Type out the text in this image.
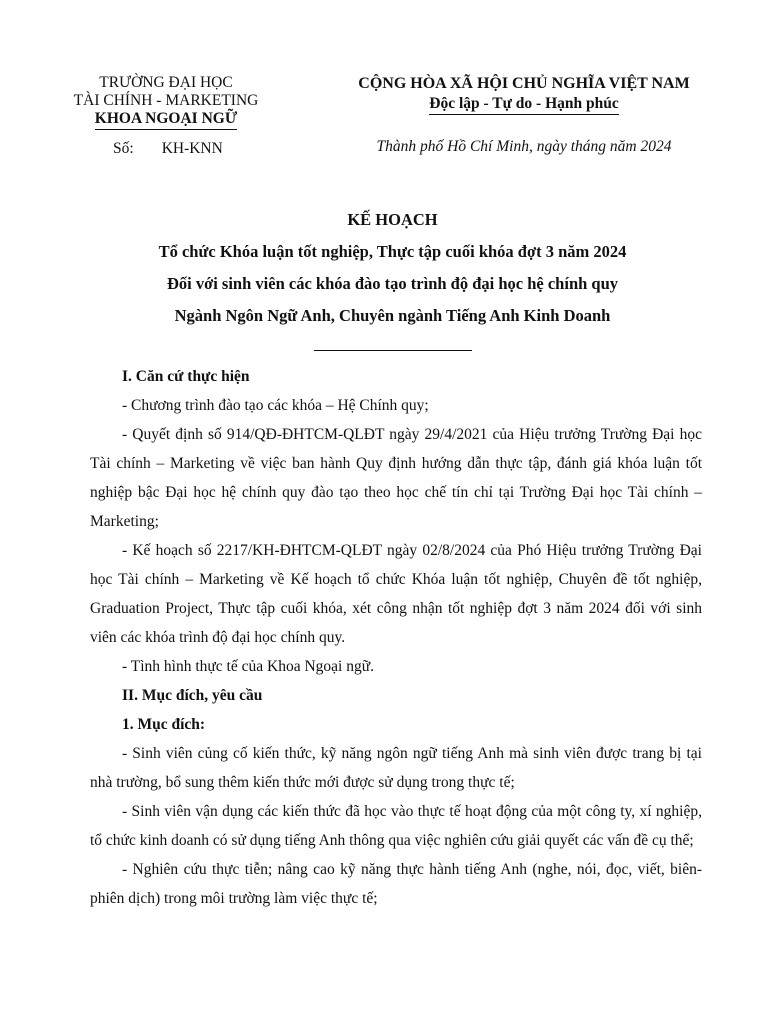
TRƯỜNG ĐẠI HỌC
TÀI CHÍNH - MARKETING
KHOA NGOẠI NGỮ
Số: KH-KNN
CỘNG HÒA XÃ HỘI CHỦ NGHĨA VIỆT NAM
Độc lập - Tự do - Hạnh phúc
Thành phố Hồ Chí Minh, ngày tháng năm 2024
KẾ HOẠCH
Tổ chức Khóa luận tốt nghiệp, Thực tập cuối khóa đợt 3 năm 2024
Đối với sinh viên các khóa đào tạo trình độ đại học hệ chính quy
Ngành Ngôn Ngữ Anh, Chuyên ngành Tiếng Anh Kinh Doanh

I. Căn cứ thực hiện

- Chương trình đào tạo các khóa – Hệ Chính quy;

- Quyết định số 914/QĐ-ĐHTCM-QLĐT ngày 29/4/2021 của Hiệu trưởng Trường Đại học Tài chính – Marketing về việc ban hành Quy định hướng dẫn thực tập, đánh giá khóa luận tốt nghiệp bậc Đại học hệ chính quy đào tạo theo học chế tín chỉ tại Trường Đại học Tài chính – Marketing;

- Kế hoạch số 2217/KH-ĐHTCM-QLĐT ngày 02/8/2024 của Phó Hiệu trưởng Trường Đại học Tài chính – Marketing về Kế hoạch tổ chức Khóa luận tốt nghiệp, Chuyên đề tốt nghiệp, Graduation Project, Thực tập cuối khóa, xét công nhận tốt nghiệp đợt 3 năm 2024 đối với sinh viên các khóa trình độ đại học chính quy.

- Tình hình thực tế của Khoa Ngoại ngữ.

II. Mục đích, yêu cầu

1. Mục đích:

- Sinh viên củng cố kiến thức, kỹ năng ngôn ngữ tiếng Anh mà sinh viên được trang bị tại nhà trường, bổ sung thêm kiến thức mới được sử dụng trong thực tế;

- Sinh viên vận dụng các kiến thức đã học vào thực tế hoạt động của một công ty, xí nghiệp, tổ chức kinh doanh có sử dụng tiếng Anh thông qua việc nghiên cứu giải quyết các vấn đề cụ thể;

- Nghiên cứu thực tiễn; nâng cao kỹ năng thực hành tiếng Anh (nghe, nói, đọc, viết, biên-phiên dịch) trong môi trường làm việc thực tế;
